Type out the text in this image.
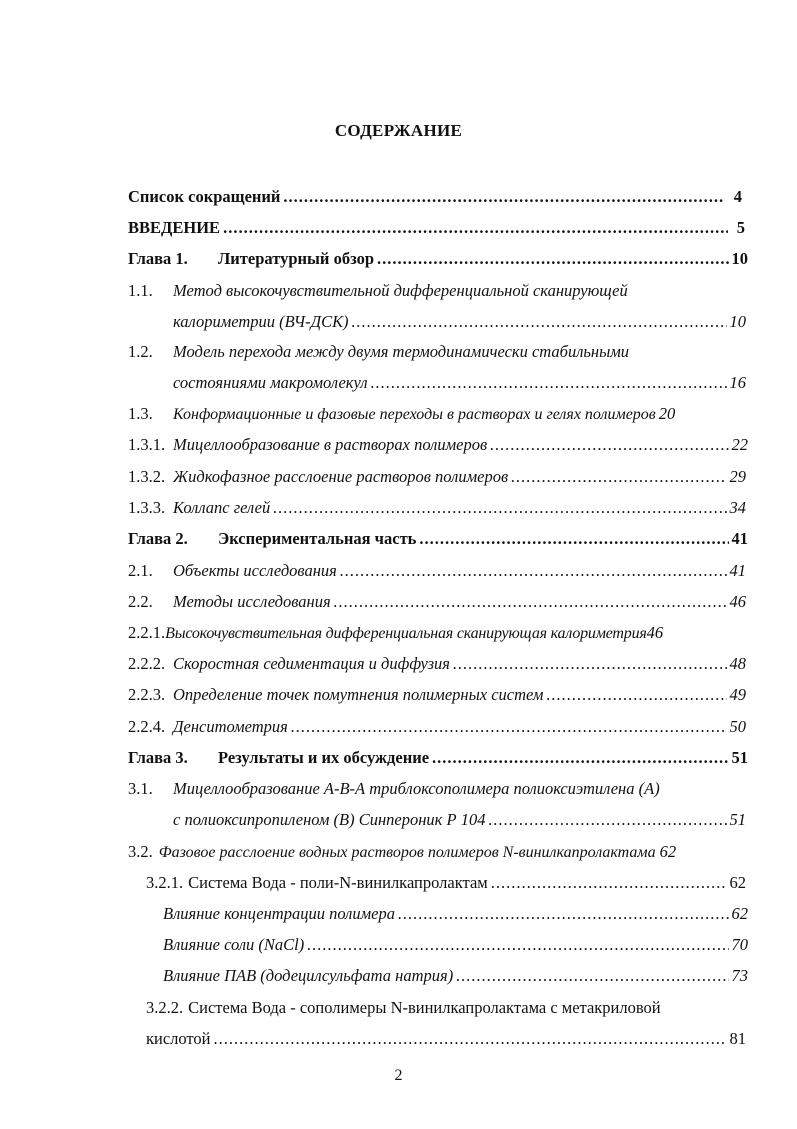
СОДЕРЖАНИЕ
Список сокращений .....	4
ВВЕДЕНИЕ .....	5
Глава 1.	Литературный обзор .....	10
1.1.	Метод высокочувствительной дифференциальной сканирующей
калориметрии (ВЧ-ДСК) .....	10
1.2.	Модель перехода между двумя термодинамически стабильными
состояниями макромолекул .....	16
1.3.	Конформационные и фазовые переходы в растворах и гелях полимеров 20
1.3.1. Мицеллообразование в растворах полимеров .....	22
1.3.2. Жидкофазное расслоение растворов полимеров .....	29
1.3.3. Коллапс гелей .....	34
Глава 2.	Экспериментальная часть .....	41
2.1.	Объекты исследования .....	41
2.2.	Методы исследования .....	46
2.2.1. Высокочувствительная дифференциальная сканирующая калориметрия 46
2.2.2. Скоростная седиментация и диффузия .....	48
2.2.3. Определение точек помутнения полимерных систем .....	49
2.2.4. Денситометрия .....	50
Глава 3.	Результаты и их обсуждение .....	51
3.1.	Мицеллообразование А-В-А триблоксополимера полиоксиэтилена (А)
с полиоксипропиленом (В) Синпероник Р 104 .....	51
3.2. Фазовое расслоение водных растворов полимеров N-винилкапролактама 62
3.2.1. Система Вода - поли-N-винилкапролактам .....	62
Влияние концентрации полимера .....	62
Влияние соли (NaCl) .....	70
Влияние ПАВ (додецилсульфата натрия) .....	73
3.2.2. Система Вода - сополимеры N-винилкапролактама с метакриловой
кислотой .....	81
2
